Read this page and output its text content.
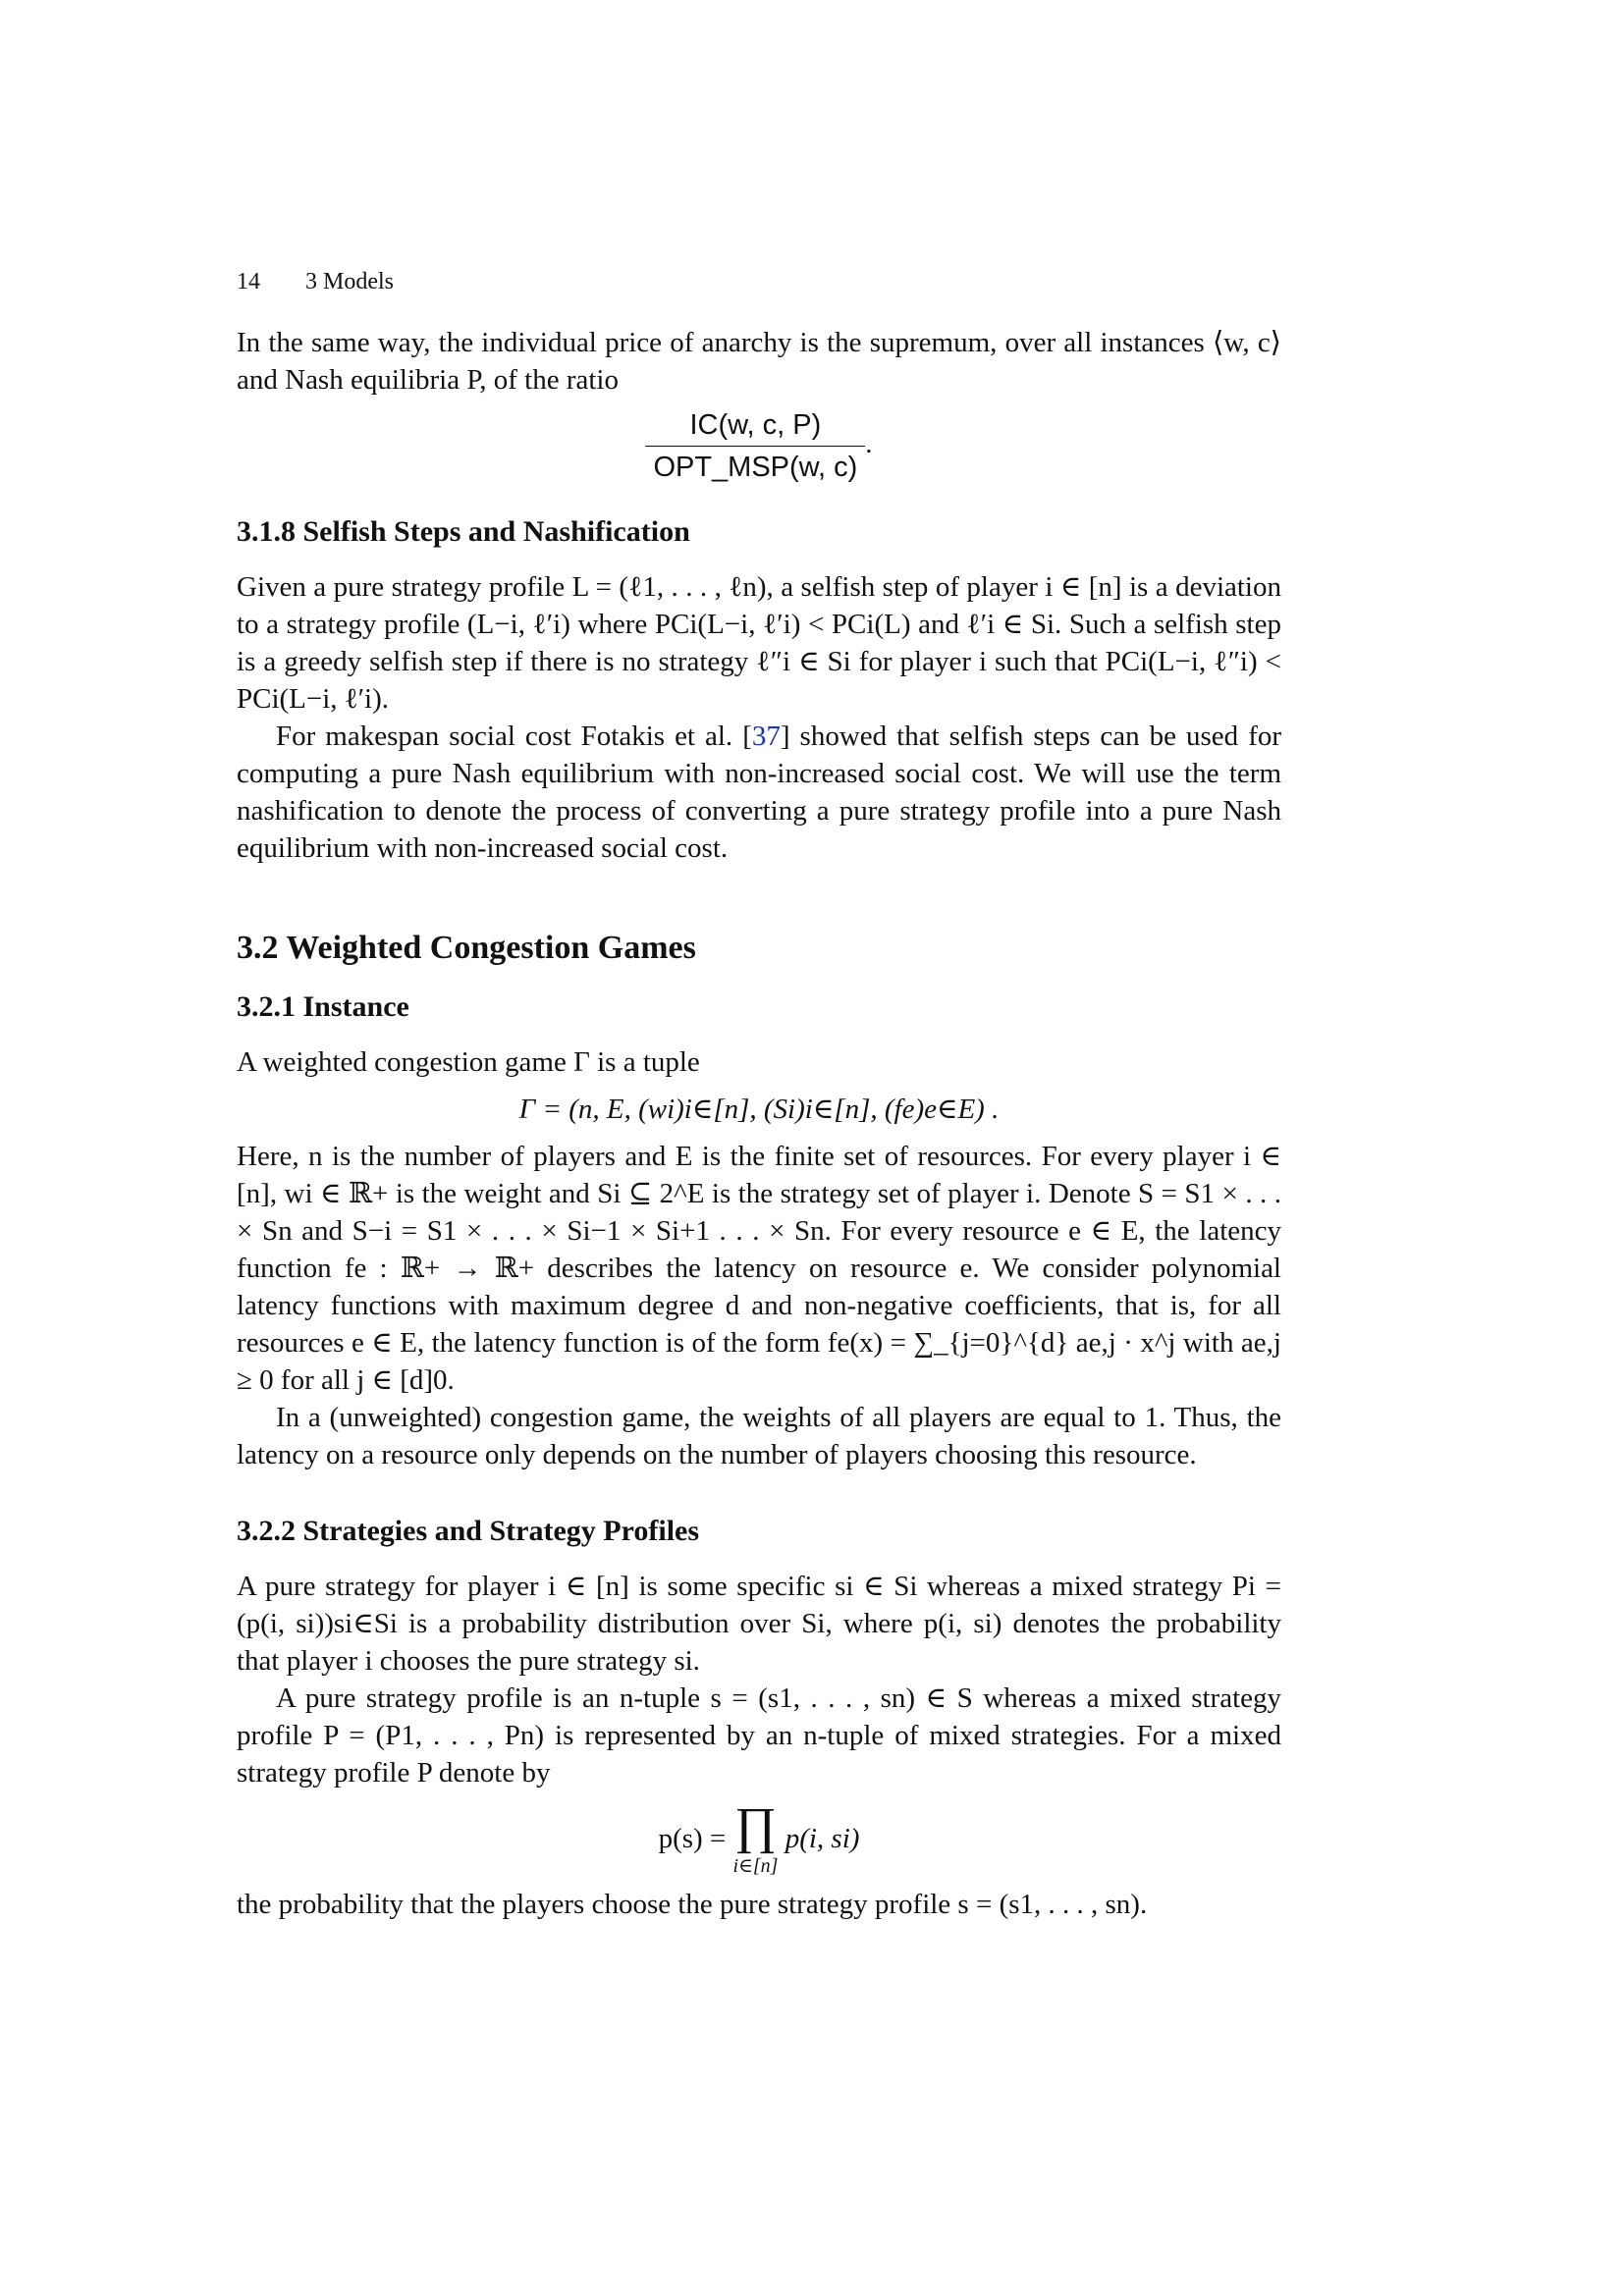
14 3 Models

In the same way, the individual price of anarchy is the supremum, over all instances ⟨w, c⟩ and Nash equilibria P, of the ratio

$\frac{IC(w, c, P)}{\text{OPT\_MSP(w, c)}}$ .
3.1.8 Selfish Steps and Nashification

Given a pure strategy profile L = (ℓ1, . . . , ℓn), a selfish step of player i ∈ [n] is a deviation to a strategy profile (L−i, ℓ′i) where PCi(L−i, ℓ′i) < PCi(L) and ℓ′i ∈ Si. Such a selfish step is a greedy selfish step if there is no strategy ℓ″i ∈ Si for player i such that PCi(L−i, ℓ″i) < PCi(L−i, ℓ′i).

For makespan social cost Fotakis et al. [37] showed that selfish steps can be used for computing a pure Nash equilibrium with non-increased social cost. We will use the term nashification to denote the process of converting a pure strategy profile into a pure Nash equilibrium with non-increased social cost.

3.2 Weighted Congestion Games
3.2.1 Instance

A weighted congestion game Γ is a tuple

Γ = (n, E, (wi)i∈[n], (Si)i∈[n], (fe)e∈E) .

Here, n is the number of players and E is the finite set of resources. For every player i ∈ [n], wi ∈ ℝ+ is the weight and Si ⊆ 2^E is the strategy set of player i. Denote S = S1 × . . . × Sn and S−i = S1 × . . . × Si−1 × Si+1 . . . × Sn. For every resource e ∈ E, the latency function fe : ℝ+ → ℝ+ describes the latency on resource e. We consider polynomial latency functions with maximum degree d and non-negative coefficients, that is, for all resources e ∈ E, the latency function is of the form fe(x) = ∑_{j=0}^{d} ae,j · x^j with ae,j ≥ 0 for all j ∈ [d]0.

In a (unweighted) congestion game, the weights of all players are equal to 1. Thus, the latency on a resource only depends on the number of players choosing this resource.

3.2.2 Strategies and Strategy Profiles

A pure strategy for player i ∈ [n] is some specific si ∈ Si whereas a mixed strategy Pi = (p(i, si))si∈Si is a probability distribution over Si, where p(i, si) denotes the probability that player i chooses the pure strategy si.

A pure strategy profile is an n-tuple s = (s1, . . . , sn) ∈ S whereas a mixed strategy profile P = (P1, . . . , Pn) is represented by an n-tuple of mixed strategies. For a mixed strategy profile P denote by

p(s) = ∏
i∈[n]
p(i, si)

the probability that the players choose the pure strategy profile s = (s1, . . . , sn).
